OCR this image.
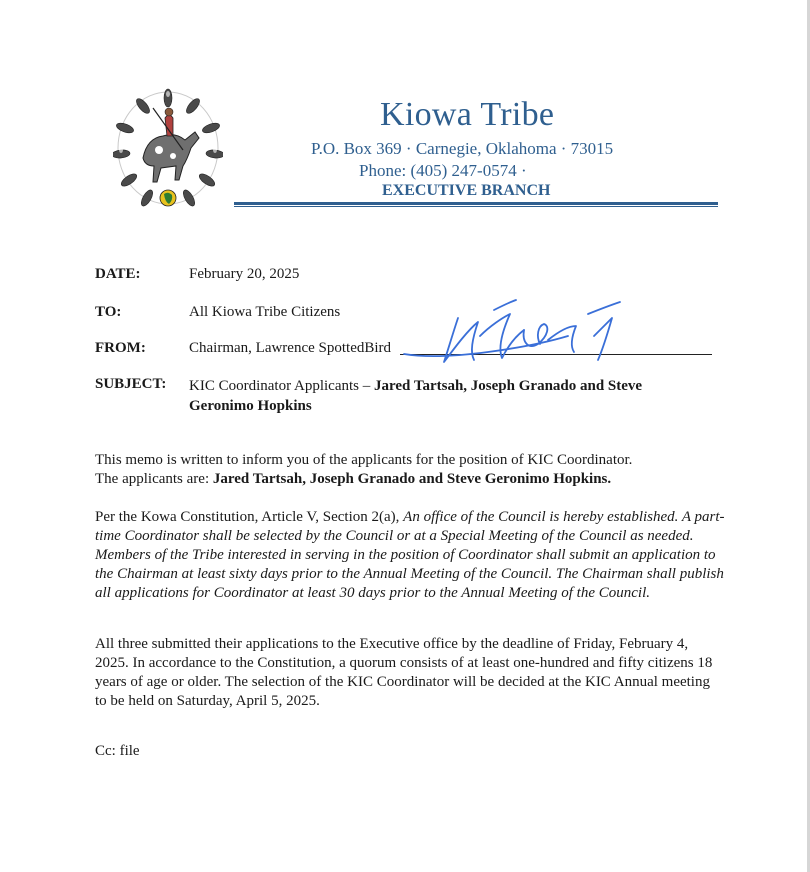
Kiowa Tribe
P.O. Box 369 · Carnegie, Oklahoma · 73015
Phone: (405) 247-0574 ·
EXECUTIVE BRANCH
DATE:	February 20, 2025
TO:	All Kiowa Tribe Citizens
FROM:	Chairman, Lawrence SpottedBird
SUBJECT: KIC Coordinator Applicants – Jared Tartsah, Joseph Granado and Steve Geronimo Hopkins
This memo is written to inform you of the applicants for the position of KIC Coordinator.
The applicants are: Jared Tartsah, Joseph Granado and Steve Geronimo Hopkins.
Per the Kowa Constitution, Article V, Section 2(a), An office of the Council is hereby established. A part-time Coordinator shall be selected by the Council or at a Special Meeting of the Council as needed. Members of the Tribe interested in serving in the position of Coordinator shall submit an application to the Chairman at least sixty days prior to the Annual Meeting of the Council. The Chairman shall publish all applications for Coordinator at least 30 days prior to the Annual Meeting of the Council.
All three submitted their applications to the Executive office by the deadline of Friday, February 4, 2025. In accordance to the Constitution, a quorum consists of at least one-hundred and fifty citizens 18 years of age or older. The selection of the KIC Coordinator will be decided at the KIC Annual meeting to be held on Saturday, April 5, 2025.
Cc: file
